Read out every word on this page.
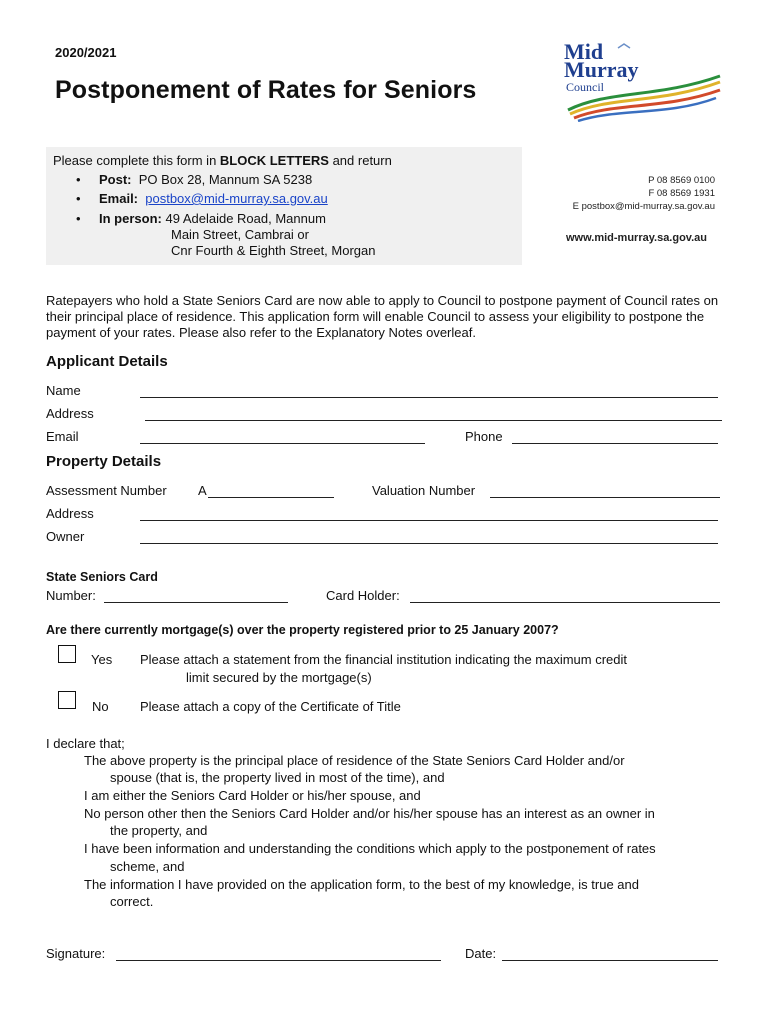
2020/2021
Postponement of Rates for Seniors
Mid
Murray
Council
Please complete this form in BLOCK LETTERS and return
• Post: PO Box 28, Mannum SA 5238
• Email: postbox@mid-murray.sa.gov.au
• In person: 49 Adelaide Road, Mannum
Main Street, Cambrai or
Cnr Fourth & Eighth Street, Morgan
P 08 8569 0100
F 08 8569 1931
E postbox@mid-murray.sa.gov.au
www.mid-murray.sa.gov.au
Ratepayers who hold a State Seniors Card are now able to apply to Council to postpone payment of Council rates on their principal place of residence. This application form will enable Council to assess your eligibility to postpone the payment of your rates. Please also refer to the Explanatory Notes overleaf.
Applicant Details
Name
Address
Email	Phone
Property Details
Assessment Number A	Valuation Number
Address
Owner
State Seniors Card
Number:	Card Holder:
Are there currently mortgage(s) over the property registered prior to 25 January 2007?
Yes Please attach a statement from the financial institution indicating the maximum credit
limit secured by the mortgage(s)
No Please attach a copy of the Certificate of Title
I declare that;
The above property is the principal place of residence of the State Seniors Card Holder and/or
spouse (that is, the property lived in most of the time), and
I am either the Seniors Card Holder or his/her spouse, and
No person other then the Seniors Card Holder and/or his/her spouse has an interest as an owner in
the property, and
I have been information and understanding the conditions which apply to the postponement of rates
scheme, and
The information I have provided on the application form, to the best of my knowledge, is true and
correct.
Signature:	Date:
